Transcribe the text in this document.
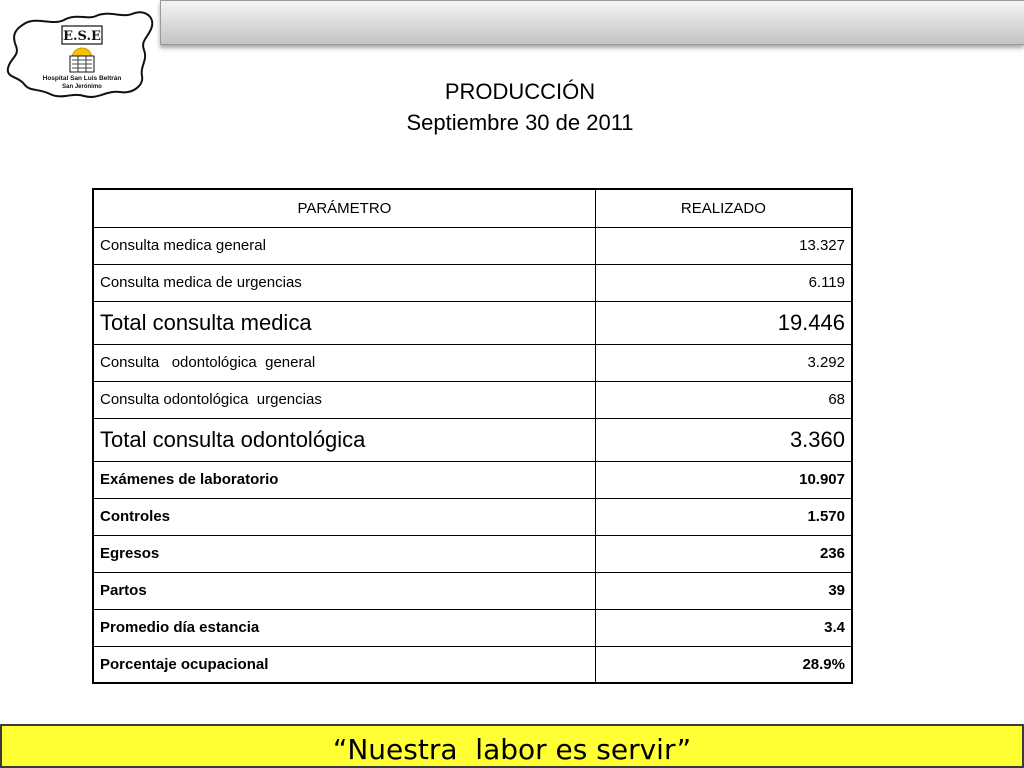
E.S.E
Hospital San Luis Beltrán
San Jerónimo	PRODUCCIÓN
Septiembre 30 de 2011
PARÁMETRO	REALIZADO
Consulta medica general	13.327
Consulta medica de urgencias	6.119
Total consulta medica	19.446
Consulta   odontológica  general	3.292
Consulta odontológica  urgencias	68
Total consulta odontológica	3.360
Exámenes de laboratorio	10.907
Controles	1.570
Egresos	236
Partos	39
Promedio día estancia	3.4
Porcentaje ocupacional	28.9%
“Nuestra  labor es servir”
